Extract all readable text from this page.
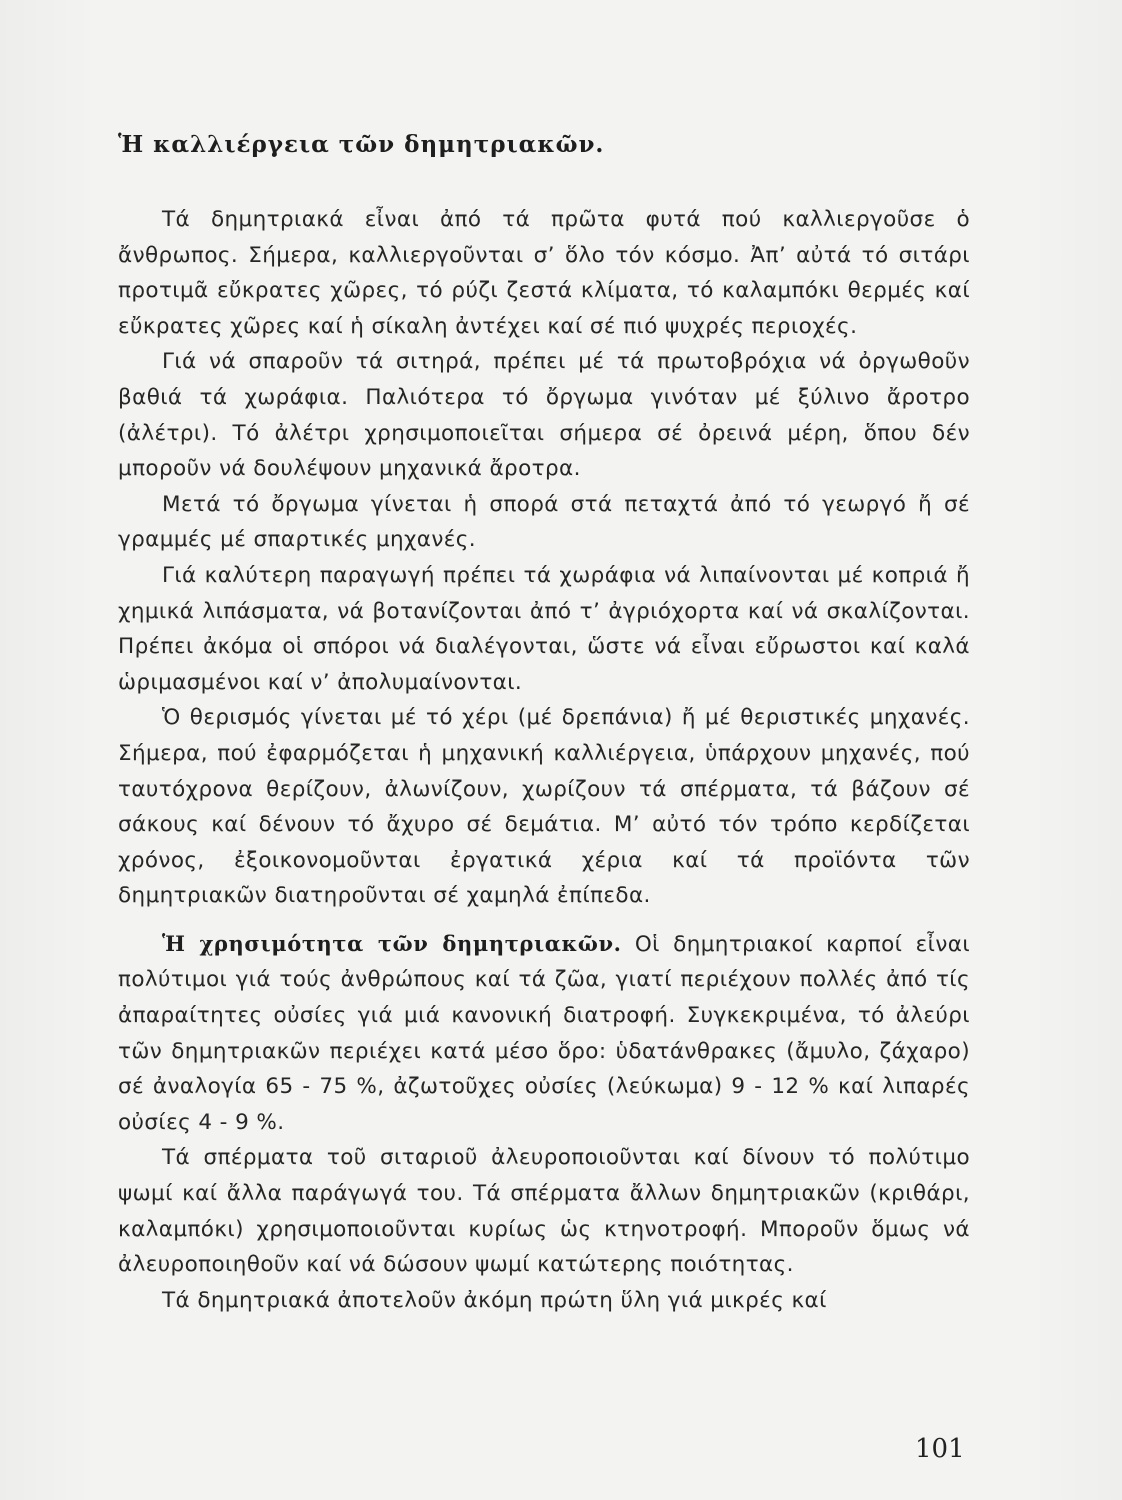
Ἡ καλλιέργεια τῶν δημητριακῶν.

Τά δημητριακά εἶναι ἀπό τά πρῶτα φυτά πού καλλιεργοῦσε ὁ ἄνθρωπος. Σήμερα, καλλιεργοῦνται σ’ ὅλο τόν κόσμο. Ἀπ’ αὐτά τό σιτάρι προτιμᾶ εὔκρατες χῶρες, τό ρύζι ζεστά κλίματα, τό καλαμπόκι θερμές καί εὔκρατες χῶρες καί ἡ σίκαλη ἀντέχει καί σέ πιό ψυχρές περιοχές.

Γιά νά σπαροῦν τά σιτηρά, πρέπει μέ τά πρωτοβρόχια νά ὀργωθοῦν βαθιά τά χωράφια. Παλιότερα τό ὄργωμα γινόταν μέ ξύλινο ἄροτρο (ἀλέτρι). Τό ἀλέτρι χρησιμοποιεῖται σήμερα σέ ὀρεινά μέρη, ὅπου δέν μποροῦν νά δουλέψουν μηχανικά ἄροτρα.

Μετά τό ὄργωμα γίνεται ἡ σπορά στά πεταχτά ἀπό τό γεωργό ἤ σέ γραμμές μέ σπαρτικές μηχανές.

Γιά καλύτερη παραγωγή πρέπει τά χωράφια νά λιπαίνονται μέ κοπριά ἤ χημικά λιπάσματα, νά βοτανίζονται ἀπό τ’ ἀγριόχορτα καί νά σκαλίζονται. Πρέπει ἀκόμα οἱ σπόροι νά διαλέγονται, ὥστε νά εἶναι εὔρωστοι καί καλά ὡριμασμένοι καί ν’ ἀπολυμαίνονται.

Ὁ θερισμός γίνεται μέ τό χέρι (μέ δρεπάνια) ἤ μέ θεριστικές μηχανές. Σήμερα, πού ἐφαρμόζεται ἡ μηχανική καλλιέργεια, ὑπάρχουν μηχανές, πού ταυτόχρονα θερίζουν, ἀλωνίζουν, χωρίζουν τά σπέρματα, τά βάζουν σέ σάκους καί δένουν τό ἄχυρο σέ δεμάτια. Μ’ αὐτό τόν τρόπο κερδίζεται χρόνος, ἐξοικονομοῦνται ἐργατικά χέρια καί τά προϊόντα τῶν δημητριακῶν διατηροῦνται σέ χαμηλά ἐπίπεδα.

Ἡ χρησιμότητα τῶν δημητριακῶν. Οἱ δημητριακοί καρποί εἶναι πολύτιμοι γιά τούς ἀνθρώπους καί τά ζῶα, γιατί περιέχουν πολλές ἀπό τίς ἀπαραίτητες οὐσίες γιά μιά κανονική διατροφή. Συγκεκριμένα, τό ἀλεύρι τῶν δημητριακῶν περιέχει κατά μέσο ὅρο: ὑδατάνθρακες (ἄμυλο, ζάχαρο) σέ ἀναλογία 65 - 75 %, ἀζωτοῦχες οὐσίες (λεύκωμα) 9 - 12 % καί λιπαρές οὐσίες 4 - 9 %.

Τά σπέρματα τοῦ σιταριοῦ ἀλευροποιοῦνται καί δίνουν τό πολύτιμο ψωμί καί ἄλλα παράγωγά του. Τά σπέρματα ἄλλων δημητριακῶν (κριθάρι, καλαμπόκι) χρησιμοποιοῦνται κυρίως ὡς κτηνοτροφή. Μποροῦν ὅμως νά ἀλευροποιηθοῦν καί νά δώσουν ψωμί κατώτερης ποιότητας.

Τά δημητριακά ἀποτελοῦν ἀκόμη πρώτη ὕλη γιά μικρές καί

101
